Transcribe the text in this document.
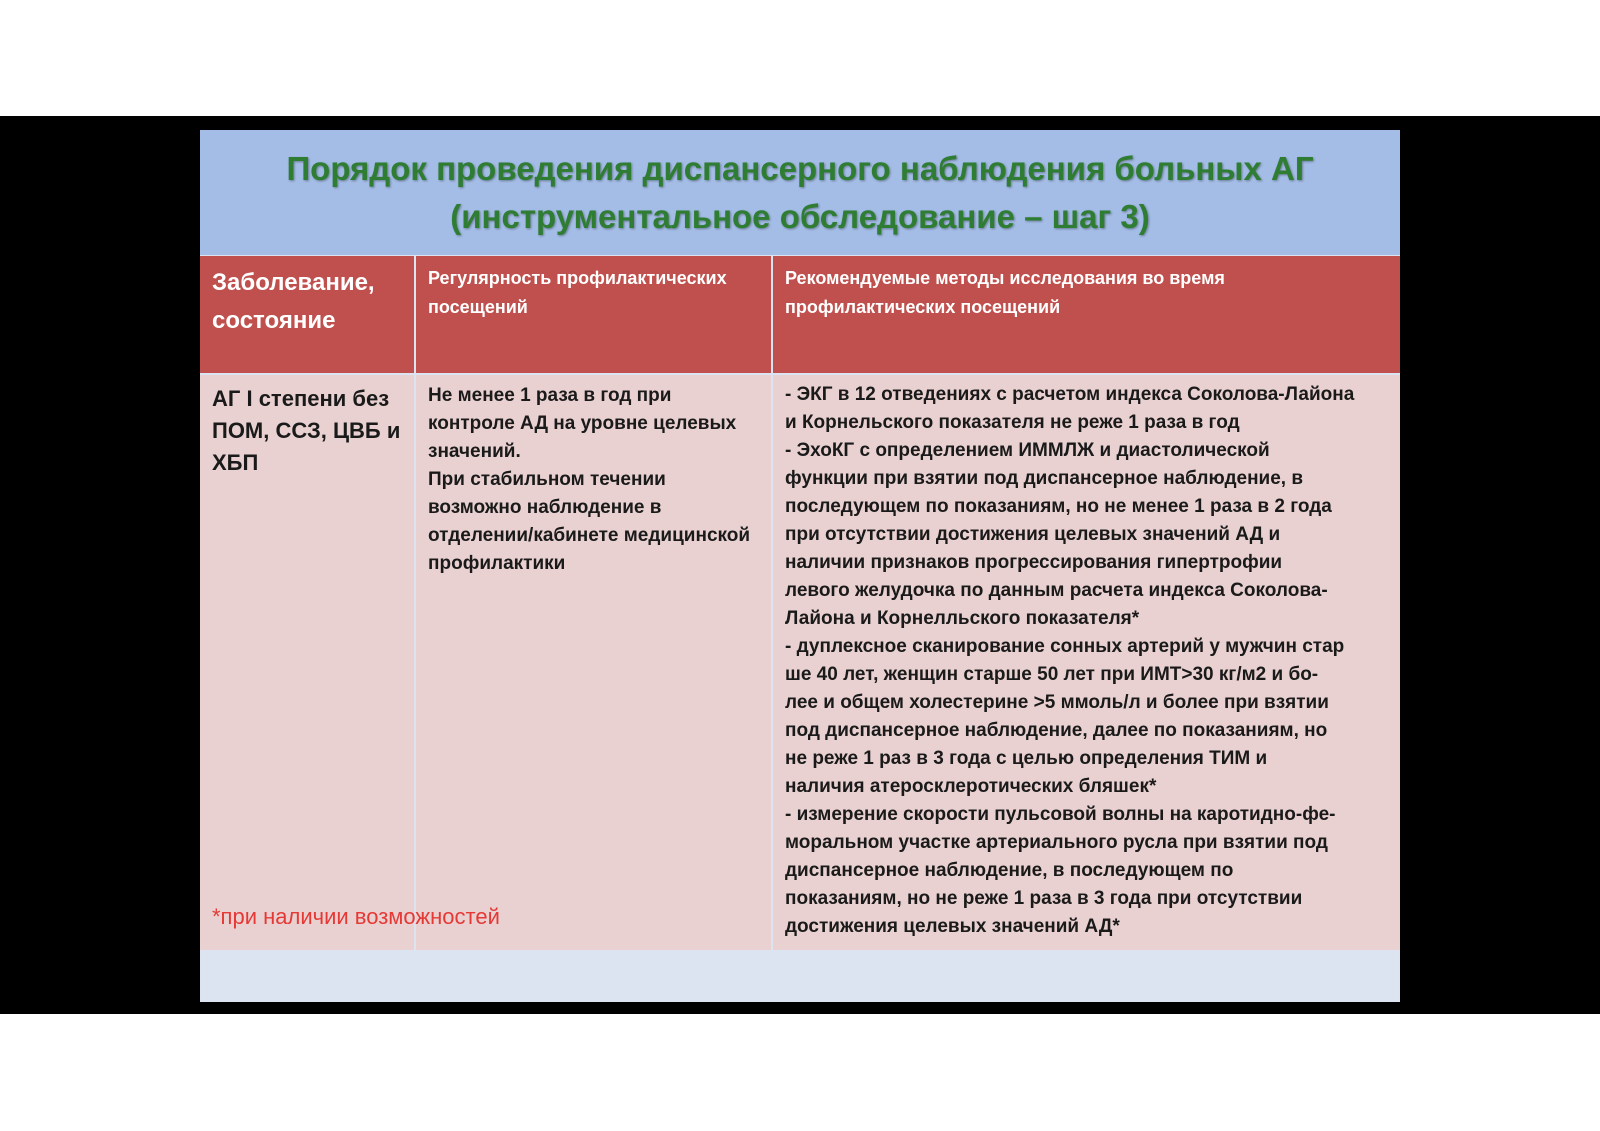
Порядок проведения диспансерного наблюдения больных АГ
(инструментальное обследование – шаг 3)
Заболевание, состояние
Регулярность профилактических посещений
Рекомендуемые методы исследования во время профилактических посещений
АГ I степени без ПОМ, ССЗ, ЦВБ и ХБП
Не менее 1 раза в год при контроле АД на уровне целевых значений.
При стабильном течении возможно наблюдение в отделении/кабинете медицинской профилактики
- ЭКГ в 12 отведениях с расчетом индекса Соколова-Лайона
и Корнельского показателя не реже 1 раза в год
- ЭхоКГ с определением ИММЛЖ и диастолической
функции при взятии под диспансерное наблюдение, в
последующем по показаниям, но не менее 1 раза в 2 года
при отсутствии достижения целевых значений АД и
наличии признаков прогрессирования гипертрофии
левого желудочка по данным расчета индекса Соколова-
Лайона и Корнелльского показателя*
- дуплексное сканирование сонных артерий у мужчин стар
ше 40 лет, женщин старше 50 лет при ИМТ>30 кг/м2 и бо-
лее и общем холестерине >5 ммоль/л и более при взятии
под диспансерное наблюдение, далее по показаниям, но
не реже 1 раз в 3 года с целью определения ТИМ и
наличия атеросклеротических бляшек*
- измерение скорости пульсовой волны на каротидно-фе-
моральном участке артериального русла при взятии под
диспансерное наблюдение, в последующем по
показаниям, но не реже 1 раза в 3 года при отсутствии
достижения целевых значений АД*
*при наличии возможностей
